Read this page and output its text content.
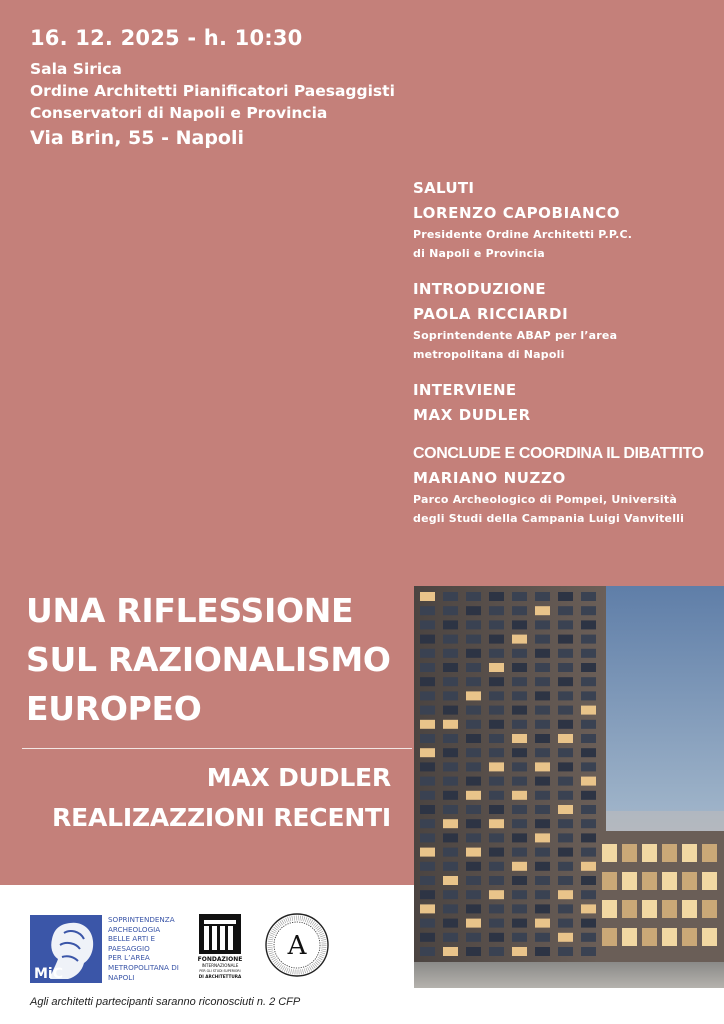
16. 12. 2025 - h. 10:30
Sala Sirica
Ordine Architetti Pianificatori Paesaggisti
Conservatori di Napoli e Provincia
Via Brin, 55 - Napoli
SALUTI
LORENZO CAPOBIANCO
Presidente Ordine Architetti P.P.C.
di Napoli e Provincia
INTRODUZIONE
PAOLA RICCIARDI
Soprintendente ABAP per l’area
metropolitana di Napoli
INTERVIENE
MAX DUDLER
CONCLUDE E COORDINA IL DIBATTITO
MARIANO NUZZO
Parco Archeologico di Pompei, Università
degli Studi della Campania Luigi Vanvitelli
UNA RIFLESSIONE
SUL RAZIONALISMO
EUROPEO
MAX DUDLER
REALIZAZZIONI RECENTI
MiC
SOPRINTENDENZA
ARCHEOLOGIA
BELLE ARTI E
PAESAGGIO
PER L’AREA
METROPOLITANA DI
NAPOLI
FONDAZIONE
INTERNAZIONALE
PER GLI STUDI SUPERIORI
DI ARCHITETTURA
A
Agli architetti partecipanti saranno riconosciuti n. 2 CFP
